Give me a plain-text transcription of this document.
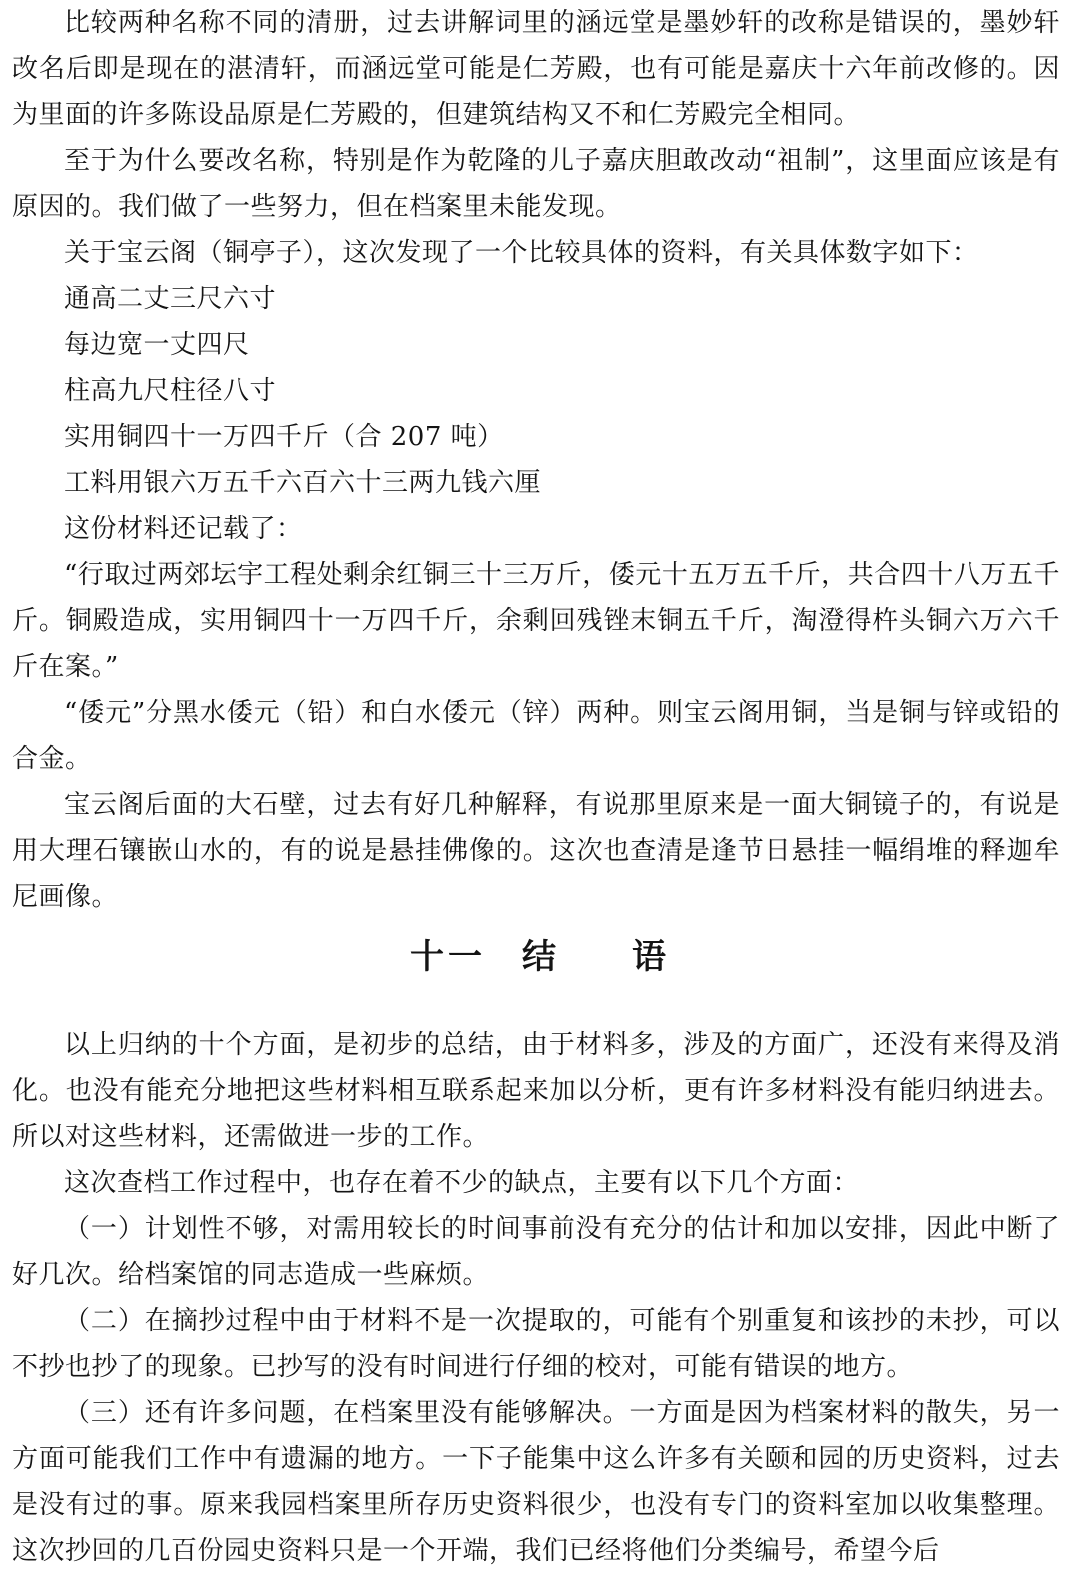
比较两种名称不同的清册，过去讲解词里的涵远堂是墨妙轩的改称是错误的，墨妙轩改名后即是现在的湛清轩，而涵远堂可能是仁芳殿，也有可能是嘉庆十六年前改修的。因为里面的许多陈设品原是仁芳殿的，但建筑结构又不和仁芳殿完全相同。

至于为什么要改名称，特别是作为乾隆的儿子嘉庆胆敢改动“祖制”，这里面应该是有原因的。我们做了一些努力，但在档案里未能发现。

关于宝云阁（铜亭子），这次发现了一个比较具体的资料，有关具体数字如下：

通高二丈三尺六寸

每边宽一丈四尺

柱高九尺柱径八寸

实用铜四十一万四千斤（合 207 吨）

工料用银六万五千六百六十三两九钱六厘

这份材料还记载了：

“行取过两郊坛宇工程处剩余红铜三十三万斤，倭元十五万五千斤，共合四十八万五千斤。铜殿造成，实用铜四十一万四千斤，余剩回残锉末铜五千斤，淘澄得杵头铜六万六千斤在案。”

“倭元”分黑水倭元（铅）和白水倭元（锌）两种。则宝云阁用铜，当是铜与锌或铅的合金。

宝云阁后面的大石壁，过去有好几种解释，有说那里原来是一面大铜镜子的，有说是用大理石镶嵌山水的，有的说是悬挂佛像的。这次也查清是逢节日悬挂一幅绢堆的释迦牟尼画像。

十一 结 语

以上归纳的十个方面，是初步的总结，由于材料多，涉及的方面广，还没有来得及消化。也没有能充分地把这些材料相互联系起来加以分析，更有许多材料没有能归纳进去。所以对这些材料，还需做进一步的工作。

这次查档工作过程中，也存在着不少的缺点，主要有以下几个方面：

（一）计划性不够，对需用较长的时间事前没有充分的估计和加以安排，因此中断了好几次。给档案馆的同志造成一些麻烦。

（二）在摘抄过程中由于材料不是一次提取的，可能有个别重复和该抄的未抄，可以不抄也抄了的现象。已抄写的没有时间进行仔细的校对，可能有错误的地方。

（三）还有许多问题，在档案里没有能够解决。一方面是因为档案材料的散失，另一方面可能我们工作中有遗漏的地方。一下子能集中这么许多有关颐和园的历史资料，过去是没有过的事。原来我园档案里所存历史资料很少，也没有专门的资料室加以收集整理。这次抄回的几百份园史资料只是一个开端，我们已经将他们分类编号，希望今后
